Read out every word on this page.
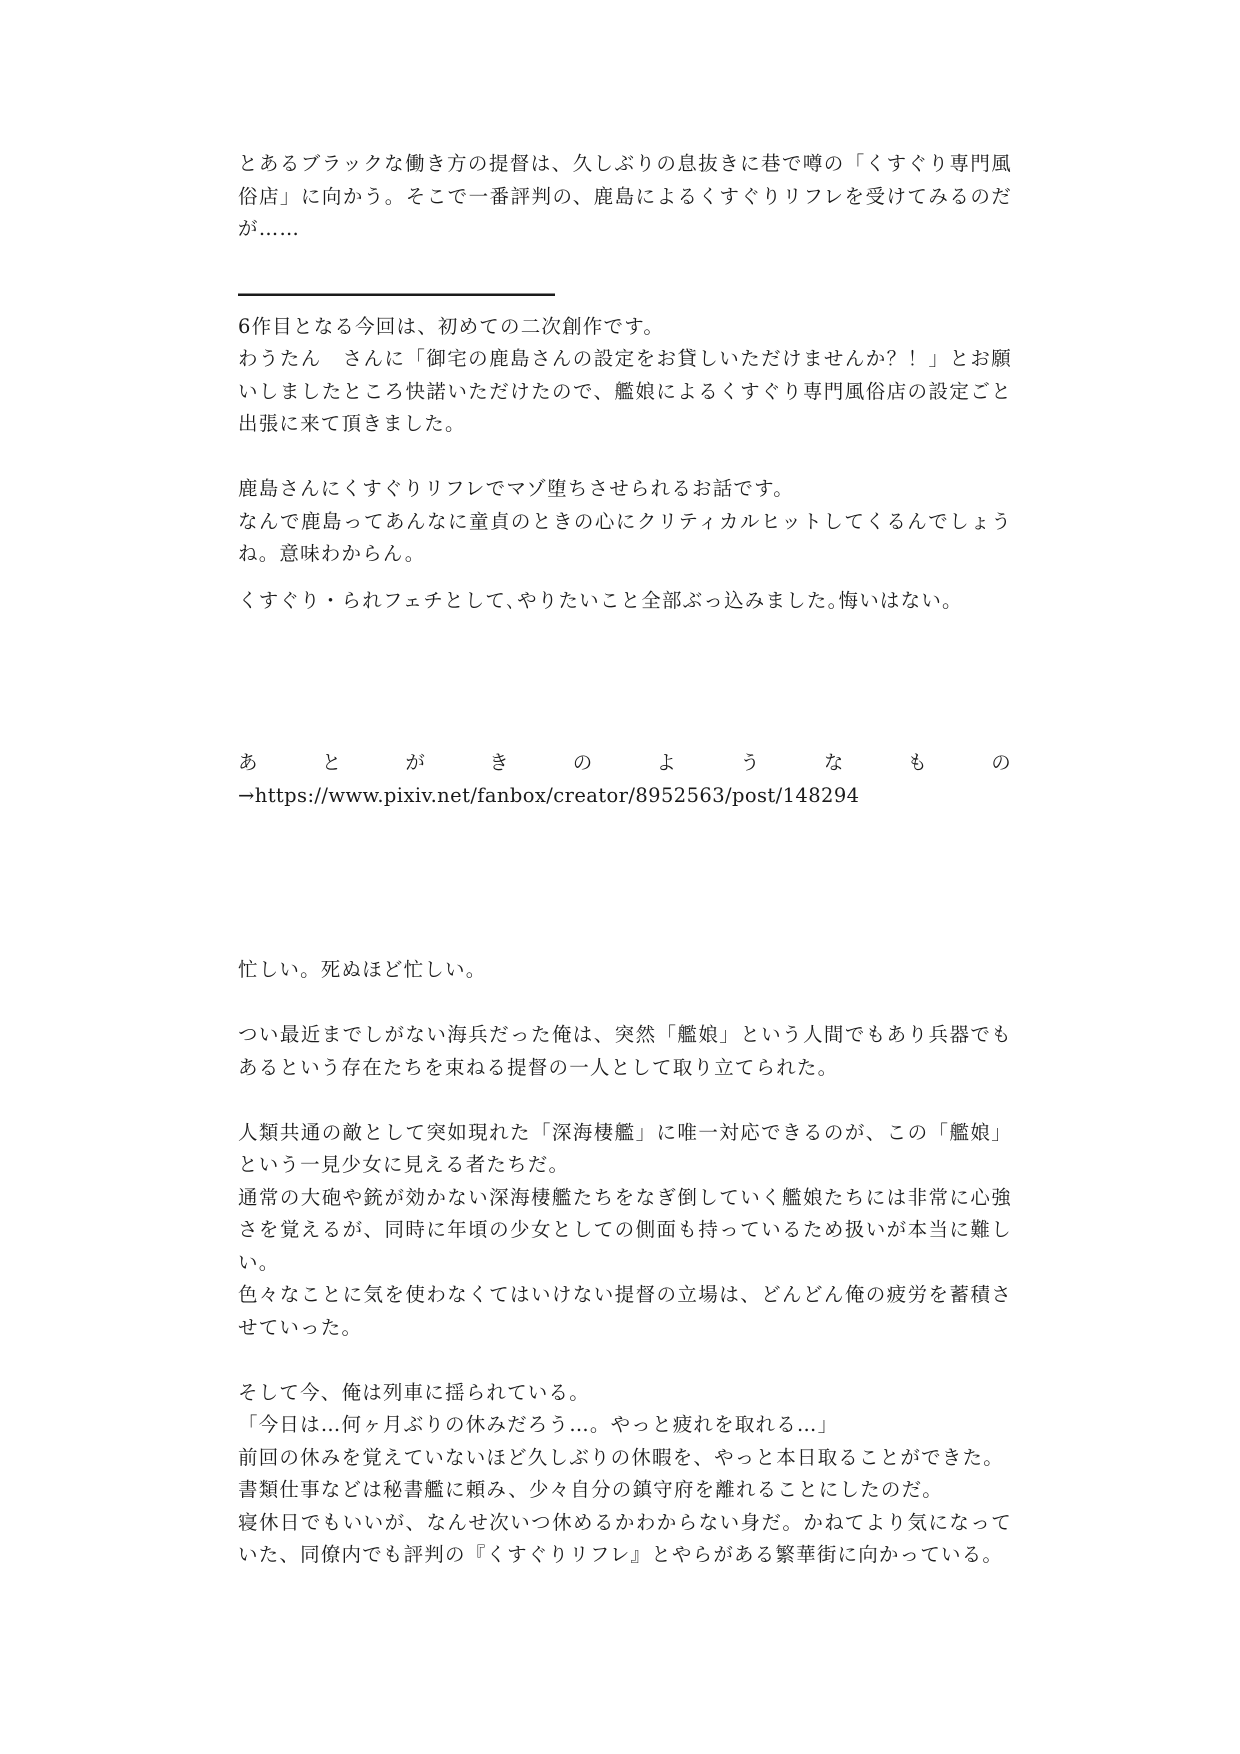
とあるブラックな働き方の提督は、久しぶりの息抜きに巷で噂の「くすぐり専門風俗店」に向かう。そこで一番評判の、鹿島によるくすぐりリフレを受けてみるのだが……

――――――――――――――――――

6作目となる今回は、初めての二次創作です。

わうたん　さんに「御宅の鹿島さんの設定をお貸しいただけませんか？！」とお願いしましたところ快諾いただけたので、艦娘によるくすぐり専門風俗店の設定ごと出張に来て頂きました。

鹿島さんにくすぐりリフレでマゾ堕ちさせられるお話です。

なんで鹿島ってあんなに童貞のときの心にクリティカルヒットしてくるんでしょうね。意味わからん。

くすぐり・られフェチとして､やりたいこと全部ぶっ込みました｡悔いはない。

あ	と	が	き	の	よ	う	な	も	の

→https://www.pixiv.net/fanbox/creator/8952563/post/148294

忙しい。死ぬほど忙しい。

つい最近までしがない海兵だった俺は、突然「艦娘」という人間でもあり兵器でもあるという存在たちを束ねる提督の一人として取り立てられた。

人類共通の敵として突如現れた「深海棲艦」に唯一対応できるのが、この「艦娘」という一見少女に見える者たちだ。

通常の大砲や銃が効かない深海棲艦たちをなぎ倒していく艦娘たちには非常に心強さを覚えるが、同時に年頃の少女としての側面も持っているため扱いが本当に難しい。

色々なことに気を使わなくてはいけない提督の立場は、どんどん俺の疲労を蓄積させていった。

そして今、俺は列車に揺られている。

「今日は…何ヶ月ぶりの休みだろう…。やっと疲れを取れる…」

前回の休みを覚えていないほど久しぶりの休暇を、やっと本日取ることができた。

書類仕事などは秘書艦に頼み、少々自分の鎮守府を離れることにしたのだ。

寝休日でもいいが、なんせ次いつ休めるかわからない身だ。かねてより気になっていた、同僚内でも評判の『くすぐりリフレ』とやらがある繁華街に向かっている。
